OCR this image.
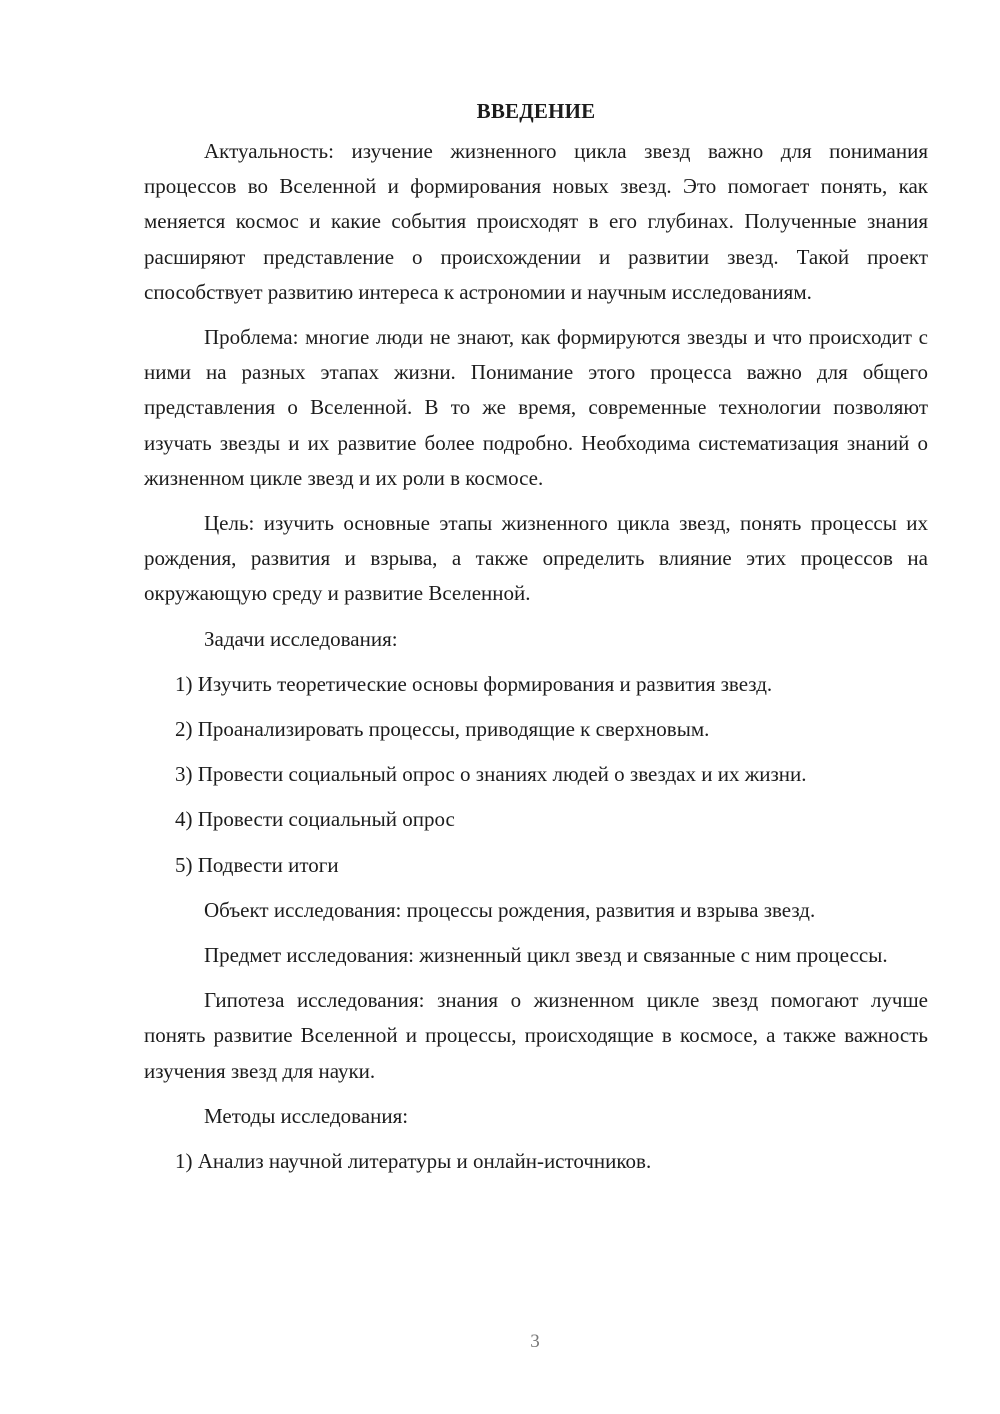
ВВЕДЕНИЕ

Актуальность: изучение жизненного цикла звезд важно для понимания процессов во Вселенной и формирования новых звезд. Это помогает понять, как меняется космос и какие события происходят в его глубинах. Полученные знания расширяют представление о происхождении и развитии звезд. Такой проект способствует развитию интереса к астрономии и научным исследованиям.

Проблема: многие люди не знают, как формируются звезды и что происходит с ними на разных этапах жизни. Понимание этого процесса важно для общего представления о Вселенной. В то же время, современные технологии позволяют изучать звезды и их развитие более подробно. Необходима систематизация знаний о жизненном цикле звезд и их роли в космосе.

Цель: изучить основные этапы жизненного цикла звезд, понять процессы их рождения, развития и взрыва, а также определить влияние этих процессов на окружающую среду и развитие Вселенной.

Задачи исследования:

1) Изучить теоретические основы формирования и развития звезд.

2) Проанализировать процессы, приводящие к сверхновым.

3) Провести социальный опрос о знаниях людей о звездах и их жизни.

4) Провести социальный опрос

5) Подвести итоги

Объект исследования: процессы рождения, развития и взрыва звезд.

Предмет исследования: жизненный цикл звезд и связанные с ним процессы.

Гипотеза исследования: знания о жизненном цикле звезд помогают лучше понять развитие Вселенной и процессы, происходящие в космосе, а также важность изучения звезд для науки.

Методы исследования:

1) Анализ научной литературы и онлайн-источников.

3
